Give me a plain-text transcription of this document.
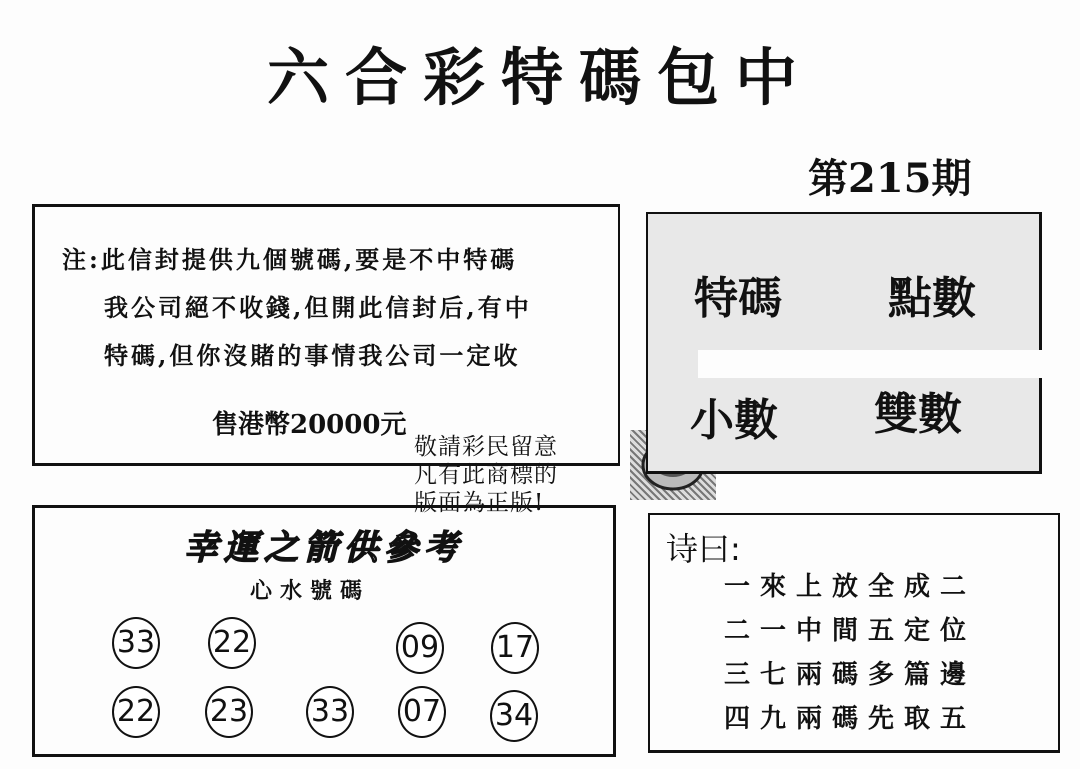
六合彩特碼包中
第215期
注:此信封提供九個號碼,要是不中特碼
我公司絕不收錢,但開此信封后,有中
特碼,但你沒賭的事情我公司一定收
售港幣20000元
敬請彩民留意
凡有此商標的
版面為正版!
特碼 點數
小數 雙數
幸運之箭供參考
心水號碼
33 22	09 17
22 23 33 07 34
诗曰:
一來上放全成二
二一中間五定位
三七兩碼多篇邊
四九兩碼先取五
